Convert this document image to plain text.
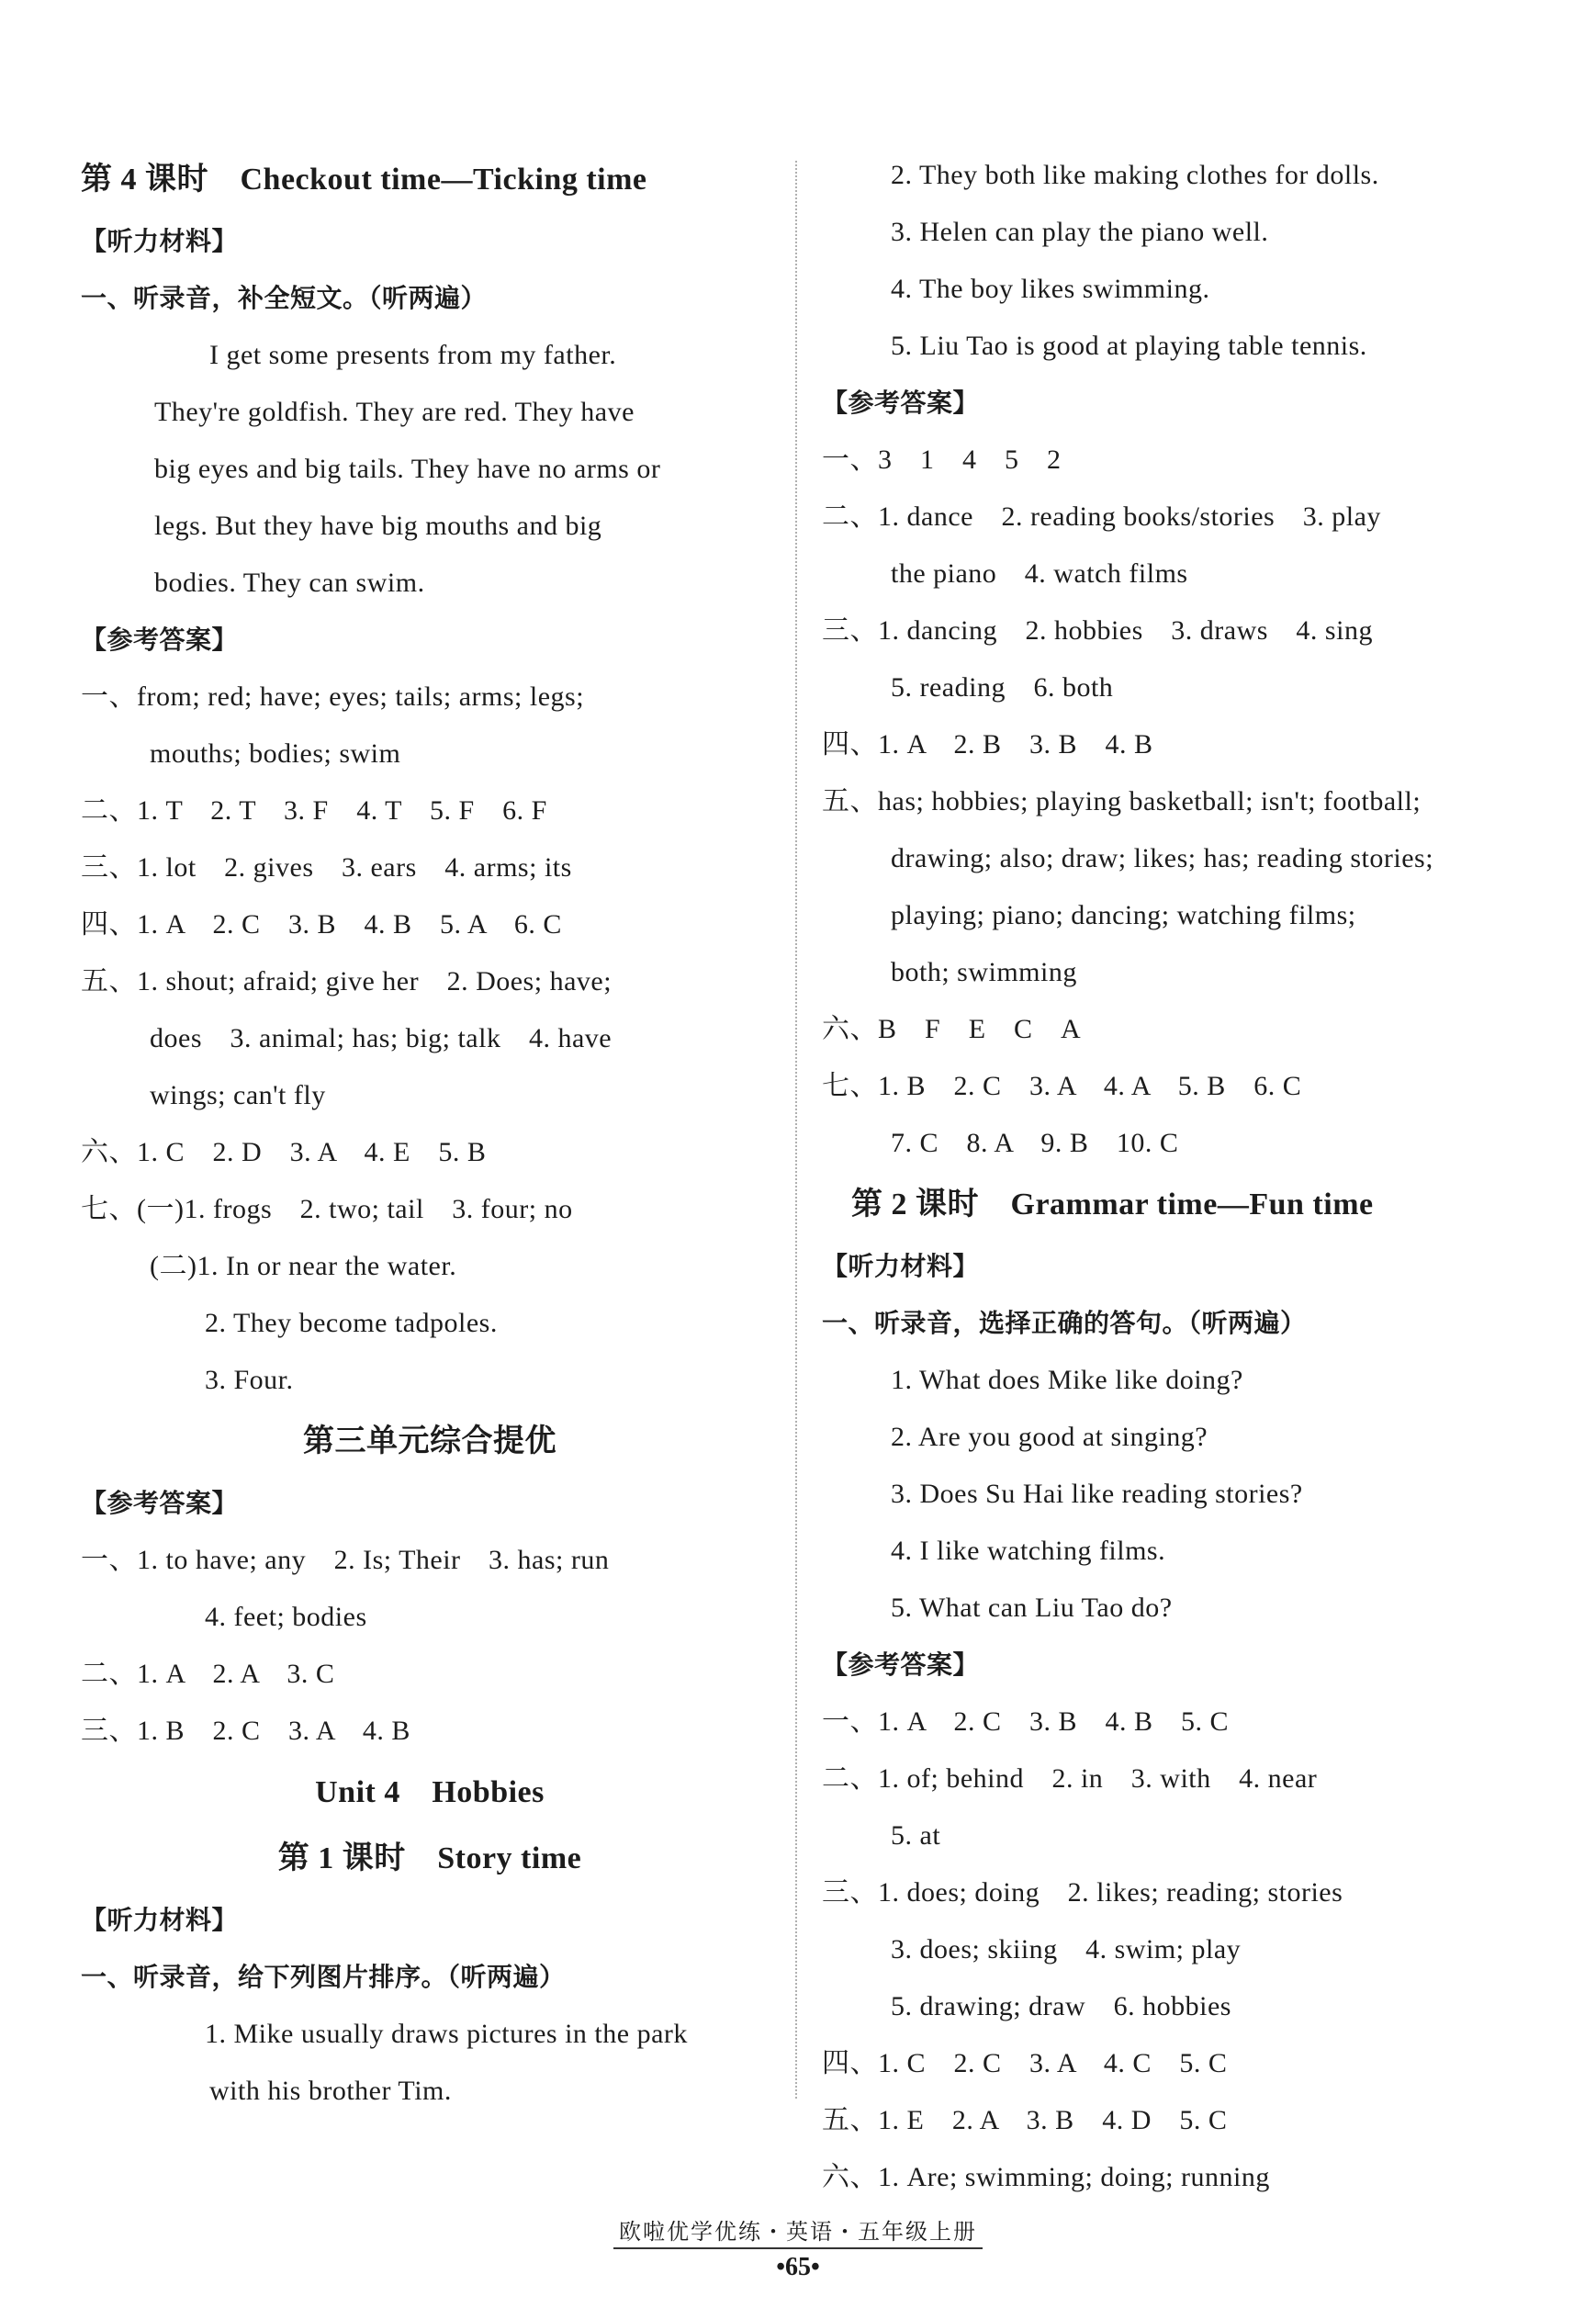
第 4 课时　Checkout time—Ticking time
【听力材料】
一、听录音，补全短文。（听两遍）
I get some presents from my father.
They're goldfish. They are red. They have
big eyes and big tails. They have no arms or
legs. But they have big mouths and big
bodies. They can swim.
【参考答案】
一、from; red; have; eyes; tails; arms; legs;
mouths; bodies; swim
二、1. T　2. T　3. F　4. T　5. F　6. F
三、1. lot　2. gives　3. ears　4. arms; its
四、1. A　2. C　3. B　4. B　5. A　6. C
五、1. shout; afraid; give her　2. Does; have;
does　3. animal; has; big; talk　4. have
wings; can't fly
六、1. C　2. D　3. A　4. E　5. B
七、(一)1. frogs　2. two; tail　3. four; no
(二)1. In or near the water.
2. They become tadpoles.
3. Four.
第三单元综合提优
【参考答案】
一、1. to have; any　2. Is; Their　3. has; run
4. feet; bodies
二、1. A　2. A　3. C
三、1. B　2. C　3. A　4. B
Unit 4　Hobbies
第 1 课时　Story time
【听力材料】
一、听录音，给下列图片排序。（听两遍）
1. Mike usually draws pictures in the park
with his brother Tim.
2. They both like making clothes for dolls.
3. Helen can play the piano well.
4. The boy likes swimming.
5. Liu Tao is good at playing table tennis.
【参考答案】
一、3　1　4　5　2
二、1. dance　2. reading books/stories　3. play
the piano　4. watch films
三、1. dancing　2. hobbies　3. draws　4. sing
5. reading　6. both
四、1. A　2. B　3. B　4. B
五、has; hobbies; playing basketball; isn't; football;
drawing; also; draw; likes; has; reading stories;
playing; piano; dancing; watching films;
both; swimming
六、B　F　E　C　A
七、1. B　2. C　3. A　4. A　5. B　6. C
7. C　8. A　9. B　10. C
第 2 课时　Grammar time—Fun time
【听力材料】
一、听录音，选择正确的答句。（听两遍）
1. What does Mike like doing?
2. Are you good at singing?
3. Does Su Hai like reading stories?
4. I like watching films.
5. What can Liu Tao do?
【参考答案】
一、1. A　2. C　3. B　4. B　5. C
二、1. of; behind　2. in　3. with　4. near
5. at
三、1. does; doing　2. likes; reading; stories
3. does; skiing　4. swim; play
5. drawing; draw　6. hobbies
四、1. C　2. C　3. A　4. C　5. C
五、1. E　2. A　3. B　4. D　5. C
六、1. Are; swimming; doing; running
欧啦优学优练・英语・五年级上册
•65•
